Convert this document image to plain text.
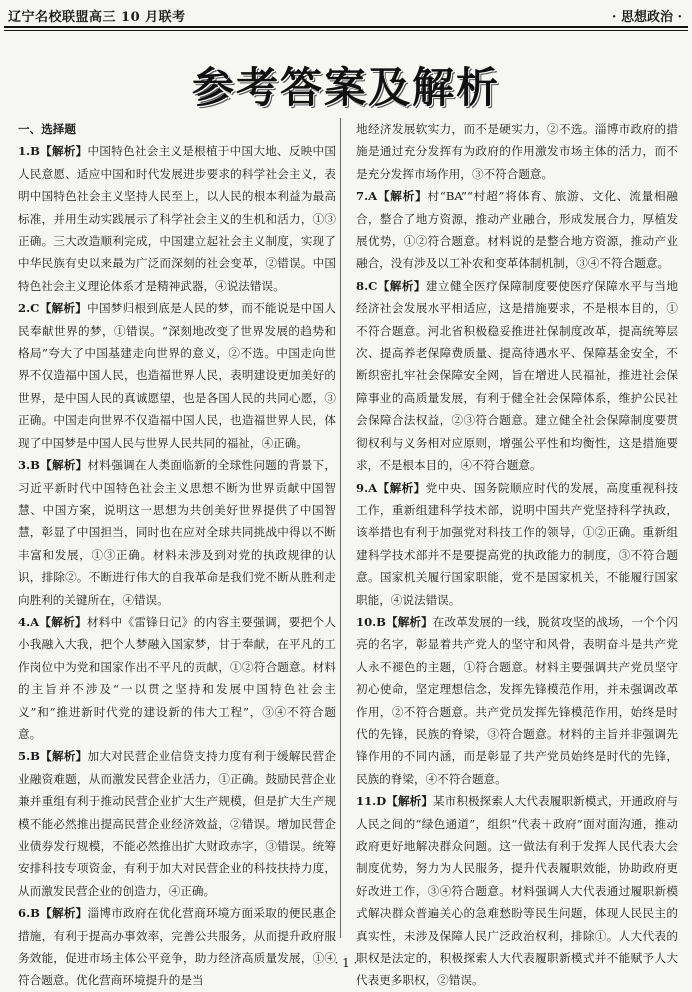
辽宁名校联盟高三 10 月联考	· 思想政治 ·
参考答案及解析
一、选择题

1.B【解析】中国特色社会主义是根植于中国大地、反映中国人民意愿、适应中国和时代发展进步要求的科学社会主义，表明中国特色社会主义坚持人民至上，以人民的根本利益为最高标准，并用生动实践展示了科学社会主义的生机和活力，①③正确。三大改造顺利完成，中国建立起社会主义制度，实现了中华民族有史以来最为广泛而深刻的社会变革，②错误。中国特色社会主义理论体系才是精神武器，④说法错误。

2.C【解析】中国梦归根到底是人民的梦，而不能说是中国人民奉献世界的梦，①错误。“深刻地改变了世界发展的趋势和格局”夸大了中国基建走向世界的意义，②不选。中国走向世界不仅造福中国人民，也造福世界人民，表明建设更加美好的世界，是中国人民的真诚愿望，也是各国人民的共同心愿，③正确。中国走向世界不仅造福中国人民，也造福世界人民，体现了中国梦是中国人民与世界人民共同的福祉，④正确。

3.B【解析】材料强调在人类面临新的全球性问题的背景下，习近平新时代中国特色社会主义思想不断为世界贡献中国智慧、中国方案，说明这一思想为共创美好世界提供了中国智慧，彰显了中国担当，同时也在应对全球共同挑战中得以不断丰富和发展，①③正确。材料未涉及到对党的执政规律的认识，排除②。不断进行伟大的自我革命是我们党不断从胜利走向胜利的关键所在，④错误。

4.A【解析】材料中《雷锋日记》的内容主要强调，要把个人小我融入大我，把个人梦融入国家梦，甘于奉献，在平凡的工作岗位中为党和国家作出不平凡的贡献，①②符合题意。材料的主旨并不涉及“一以贯之坚持和发展中国特色社会主义”和“推进新时代党的建设新的伟大工程”，③④不符合题意。

5.B【解析】加大对民营企业信贷支持力度有利于缓解民营企业融资难题，从而激发民营企业活力，①正确。鼓励民营企业兼并重组有利于推动民营企业扩大生产规模，但是扩大生产规模不能必然推出提高民营企业经济效益，②错误。增加民营企业债券发行规模，不能必然推出扩大财政赤字，③错误。统筹安排科技专项资金，有利于加大对民营企业的科技扶持力度，从而激发民营企业的创造力，④正确。

6.B【解析】淄博市政府在优化营商环境方面采取的便民惠企措施，有利于提高办事效率，完善公共服务，从而提升政府服务效能，促进市场主体公平竞争，助力经济高质量发展，①④符合题意。优化营商环境提升的是当

地经济发展软实力，而不是硬实力，②不选。淄博市政府的措施是通过充分发挥有为政府的作用激发市场主体的活力，而不是充分发挥市场作用，③不符合题意。

7.A【解析】村“BA”“村超”将体育、旅游、文化、流量相融合，整合了地方资源，推动产业融合，形成发展合力，厚植发展优势，①②符合题意。材料说的是整合地方资源，推动产业融合，没有涉及以工补农和变革体制机制，③④不符合题意。

8.C【解析】建立健全医疗保障制度要使医疗保障水平与当地经济社会发展水平相适应，这是措施要求，不是根本目的，①不符合题意。河北省积极稳妥推进社保制度改革，提高统筹层次、提高养老保障费质量、提高待遇水平、保障基金安全，不断织密扎牢社会保障安全网，旨在增进人民福祉，推进社会保障事业的高质量发展，有利于健全社会保障体系，维护公民社会保障合法权益，②③符合题意。建立健全社会保障制度要贯彻权利与义务相对应原则，增强公平性和均衡性，这是措施要求，不是根本目的，④不符合题意。

9.A【解析】党中央、国务院顺应时代的发展，高度重视科技工作，重新组建科学技术部，说明中国共产党坚持科学执政，该举措也有利于加强党对科技工作的领导，①②正确。重新组建科学技术部并不是要提高党的执政能力的制度，③不符合题意。国家机关履行国家职能，党不是国家机关，不能履行国家职能，④说法错误。

10.B【解析】在改革发展的一线，脱贫攻坚的战场，一个个闪亮的名字，彰显着共产党人的坚守和风骨，表明奋斗是共产党人永不褪色的主题，①符合题意。材料主要强调共产党员坚守初心使命，坚定理想信念，发挥先锋模范作用，并未强调改革作用，②不符合题意。共产党员发挥先锋模范作用，始终是时代的先锋，民族的脊梁，③符合题意。材料的主旨并非强调先锋作用的不同内涵，而是彰显了共产党员始终是时代的先锋，民族的脊梁，④不符合题意。

11.D【解析】某市积极探索人大代表履职新模式，开通政府与人民之间的“绿色通道”，组织“代表＋政府”面对面沟通，推动政府更好地解决群众问题。这一做法有利于发挥人民代表大会制度优势，努力为人民服务，提升代表履职效能，协助政府更好改进工作，③④符合题意。材料强调人大代表通过履职新模式解决群众普遍关心的急难愁盼等民生问题，体现人民民主的真实性，未涉及保障人民广泛政治权利，排除①。人大代表的职权是法定的，积极探索人大代表履职新模式并不能赋予人大代表更多职权，②错误。

· 1 ·
